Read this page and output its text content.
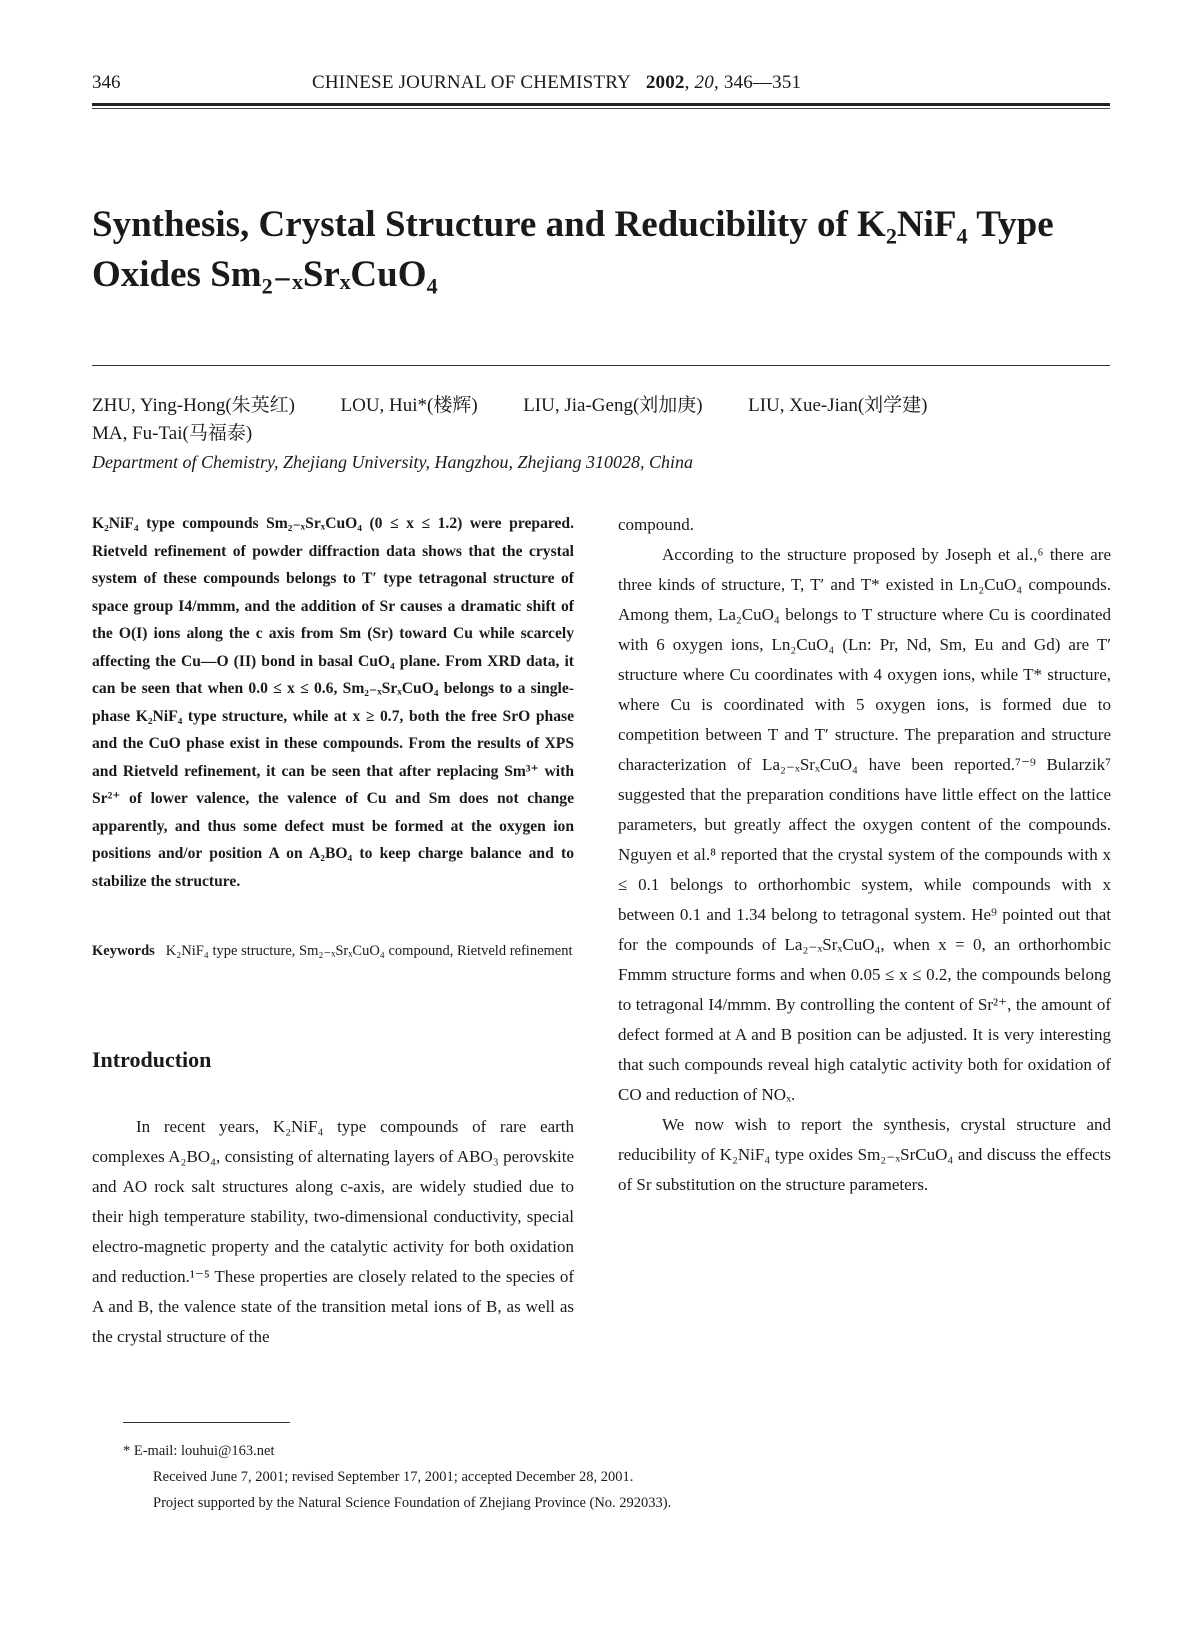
346	CHINESE JOURNAL OF CHEMISTRY 2002, 20, 346—351
Synthesis, Crystal Structure and Reducibility of K₂NiF₄ Type
Oxides Sm₂₋ₓSrₓCuO₄
ZHU, Ying-Hong(朱英红) LOU, Hui*(楼辉) LIU, Jia-Geng(刘加庚) LIU, Xue-Jian(刘学建)
MA, Fu-Tai(马福泰)
Department of Chemistry, Zhejiang University, Hangzhou, Zhejiang 310028, China
K₂NiF₄ type compounds Sm₂₋ₓSrₓCuO₄ (0 ≤ x ≤ 1.2) were prepared. Rietveld refinement of powder diffraction data shows that the crystal system of these compounds belongs to T′ type tetragonal structure of space group I4/mmm, and the addition of Sr causes a dramatic shift of the O(I) ions along the c axis from Sm (Sr) toward Cu while scarcely affecting the Cu—O (II) bond in basal CuO₄ plane. From XRD data, it can be seen that when 0.0 ≤ x ≤ 0.6, Sm₂₋ₓSrₓCuO₄ belongs to a single-phase K₂NiF₄ type structure, while at x ≥ 0.7, both the free SrO phase and the CuO phase exist in these compounds. From the results of XPS and Rietveld refinement, it can be seen that after replacing Sm³⁺ with Sr²⁺ of lower valence, the valence of Cu and Sm does not change apparently, and thus some defect must be formed at the oxygen ion positions and/or position A on A₂BO₄ to keep charge balance and to stabilize the structure.
Keywords K₂NiF₄ type structure, Sm₂₋ₓSrₓCuO₄ compound, Rietveld refinement
Introduction

In recent years, K₂NiF₄ type compounds of rare earth complexes A₂BO₄, consisting of alternating layers of ABO₃ perovskite and AO rock salt structures along c-axis, are widely studied due to their high temperature stability, two-dimensional conductivity, special electro-magnetic property and the catalytic activity for both oxidation and reduction.¹⁻⁵ These properties are closely related to the species of A and B, the valence state of the transition metal ions of B, as well as the crystal structure of the

compound.

According to the structure proposed by Joseph et al.,⁶ there are three kinds of structure, T, T′ and T* existed in Ln₂CuO₄ compounds. Among them, La₂CuO₄ belongs to T structure where Cu is coordinated with 6 oxygen ions, Ln₂CuO₄ (Ln: Pr, Nd, Sm, Eu and Gd) are T′ structure where Cu coordinates with 4 oxygen ions, while T* structure, where Cu is coordinated with 5 oxygen ions, is formed due to competition between T and T′ structure. The preparation and structure characterization of La₂₋ₓSrₓCuO₄ have been reported.⁷⁻⁹ Bularzik⁷ suggested that the preparation conditions have little effect on the lattice parameters, but greatly affect the oxygen content of the compounds. Nguyen et al.⁸ reported that the crystal system of the compounds with x ≤ 0.1 belongs to orthorhombic system, while compounds with x between 0.1 and 1.34 belong to tetragonal system. He⁹ pointed out that for the compounds of La₂₋ₓSrₓCuO₄, when x = 0, an orthorhombic Fmmm structure forms and when 0.05 ≤ x ≤ 0.2, the compounds belong to tetragonal I4/mmm. By controlling the content of Sr²⁺, the amount of defect formed at A and B position can be adjusted. It is very interesting that such compounds reveal high catalytic activity both for oxidation of CO and reduction of NOₓ.

We now wish to report the synthesis, crystal structure and reducibility of K₂NiF₄ type oxides Sm₂₋ₓSrCuO₄ and discuss the effects of Sr substitution on the structure parameters.

* E-mail: louhui@163.net
Received June 7, 2001; revised September 17, 2001; accepted December 28, 2001.
Project supported by the Natural Science Foundation of Zhejiang Province (No. 292033).
